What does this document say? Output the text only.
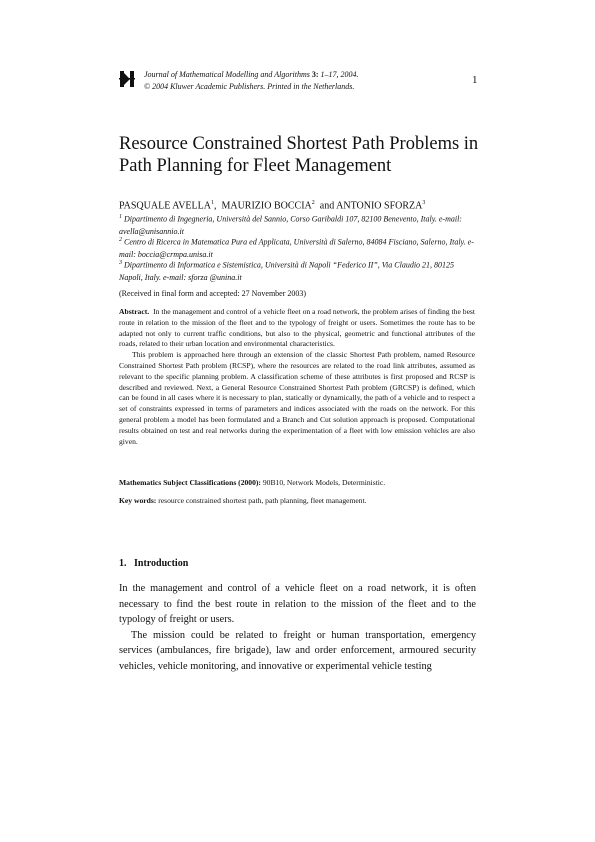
Journal of Mathematical Modelling and Algorithms 3: 1–17, 2004.
© 2004 Kluwer Academic Publishers. Printed in the Netherlands.
1
Resource Constrained Shortest Path Problems in
Path Planning for Fleet Management
PASQUALE AVELLA$^1$, MAURIZIO BOCCIA$^2$ and ANTONIO SFORZA$^3$
$^1$ Dipartimento di Ingegneria, Università del Sannio, Corso Garibaldi 107, 82100 Benevento, Italy. e-mail: avella@unisannio.it
$^2$ Centro di Ricerca in Matematica Pura ed Applicata, Università di Salerno, 84084 Fisciano, Salerno, Italy. e-mail: boccia@crmpa.unisa.it
$^3$ Dipartimento di Informatica e Sistemistica, Università di Napoli “Federico II”, Via Claudio 21, 80125 Napoli, Italy. e-mail: sforza @unina.it
(Received in final form and accepted: 27 November 2003)

Abstract. In the management and control of a vehicle fleet on a road network, the problem arises of finding the best route in relation to the mission of the fleet and to the typology of freight or users. Sometimes the route has to be adapted not only to current traffic conditions, but also to the physical, geometric and functional attributes of the roads, related to their urban location and environmental characteristics.

This problem is approached here through an extension of the classic Shortest Path problem, named Resource Constrained Shortest Path problem (RCSP), where the resources are related to the road link attributes, assumed as relevant to the specific planning problem. A classification scheme of these attributes is first proposed and RCSP is described and reviewed. Next, a General Resource Constrained Shortest Path problem (GRCSP) is defined, which can be found in all cases where it is necessary to plan, statically or dynamically, the path of a vehicle and to respect a set of constraints expressed in terms of parameters and indices associated with the roads on the network. For this general problem a model has been formulated and a Branch and Cut solution approach is proposed. Computational results obtained on test and real networks during the experimentation of a fleet with low emission vehicles are also given.

Mathematics Subject Classifications (2000): 90B10, Network Models, Deterministic.
Key words: resource constrained shortest path, path planning, fleet management.
1. Introduction

In the management and control of a vehicle fleet on a road network, it is often necessary to find the best route in relation to the mission of the fleet and to the typology of freight or users.

The mission could be related to freight or human transportation, emergency services (ambulances, fire brigade), law and order enforcement, armoured security vehicles, vehicle monitoring, and innovative or experimental vehicle testing
